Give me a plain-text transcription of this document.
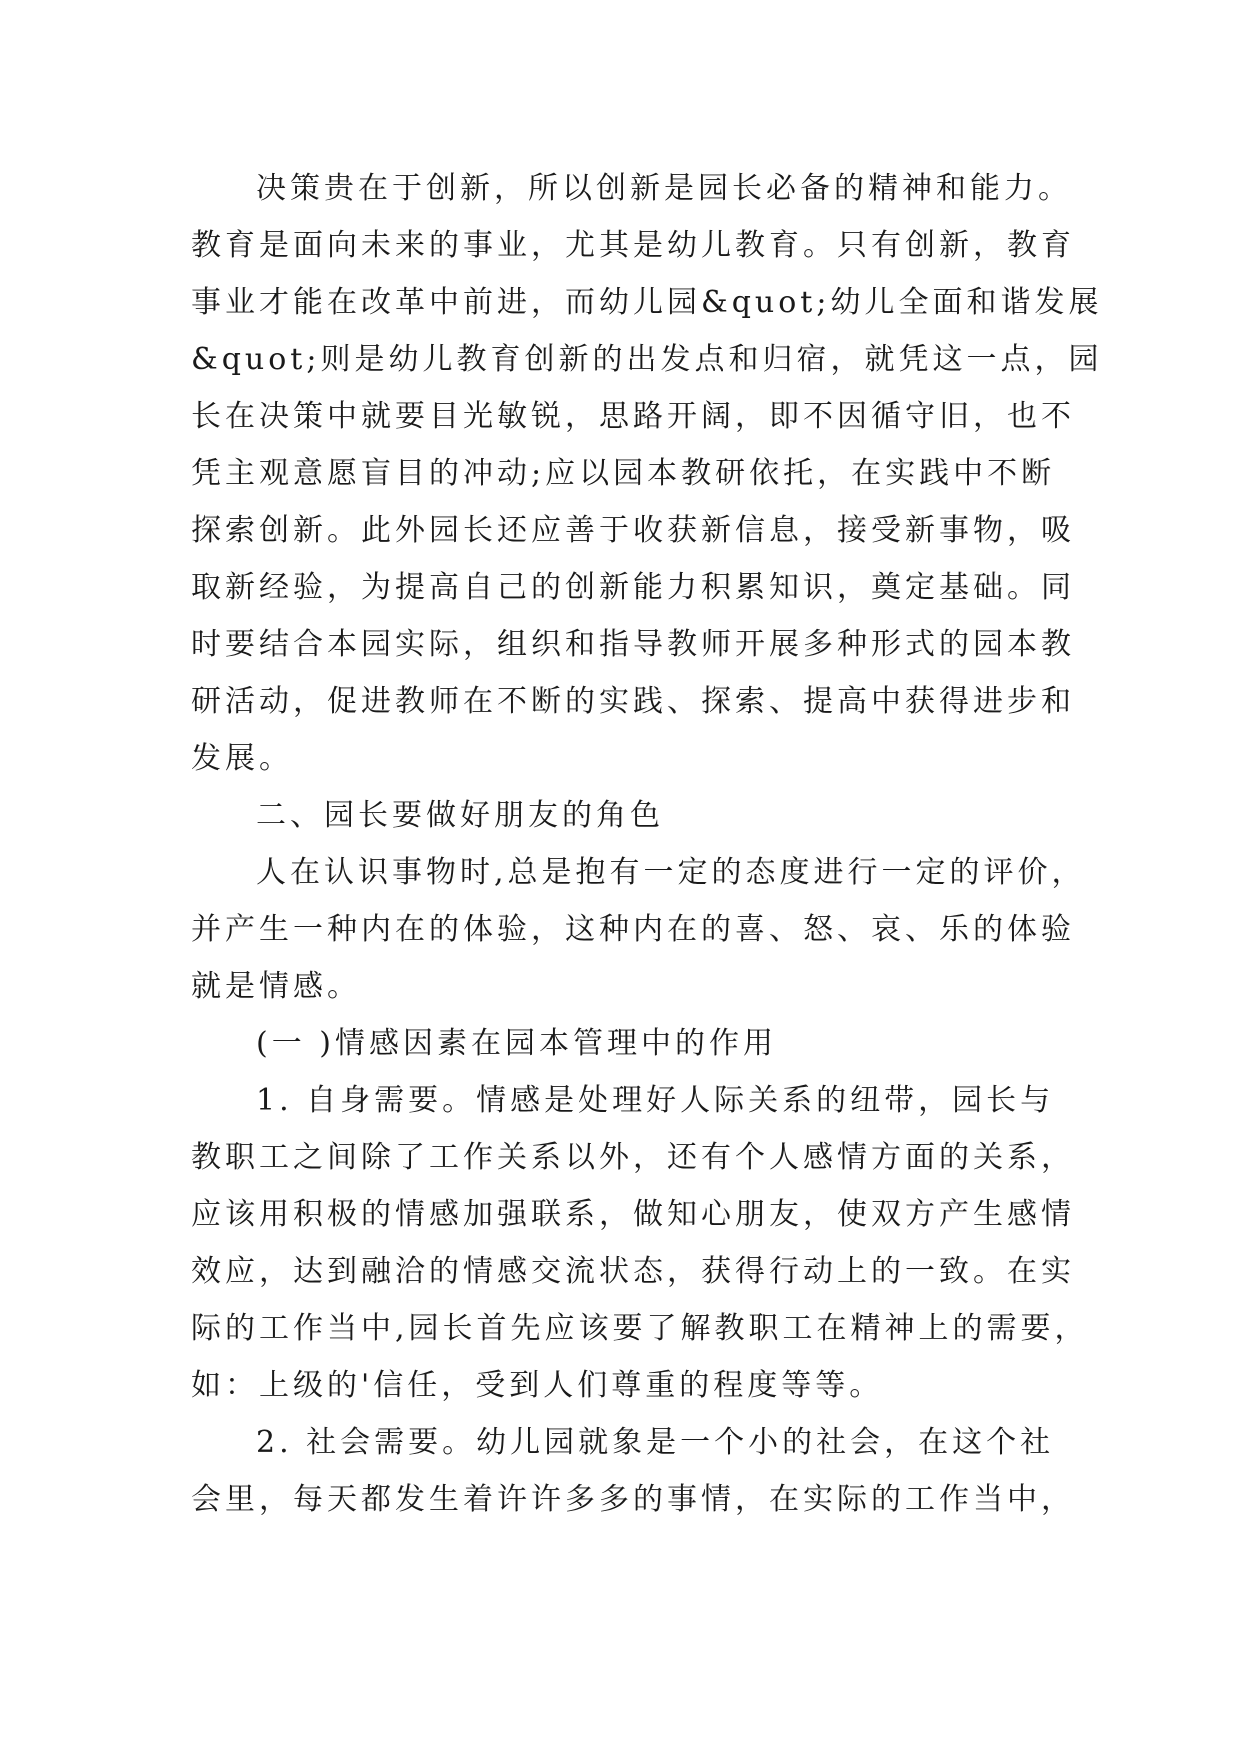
决策贵在于创新，所以创新是园长必备的精神和能力。

教育是面向未来的事业，尤其是幼儿教育。只有创新，教育

事业才能在改革中前进，而幼儿园&quot;幼儿全面和谐发展

&quot;则是幼儿教育创新的出发点和归宿，就凭这一点，园

长在决策中就要目光敏锐，思路开阔，即不因循守旧，也不

凭主观意愿盲目的冲动;应以园本教研依托，在实践中不断

探索创新。此外园长还应善于收获新信息，接受新事物，吸

取新经验，为提高自己的创新能力积累知识，奠定基础。同

时要结合本园实际，组织和指导教师开展多种形式的园本教

研活动，促进教师在不断的实践、探索、提高中获得进步和

发展。

二、园长要做好朋友的角色

人在认识事物时,总是抱有一定的态度进行一定的评价，

并产生一种内在的体验，这种内在的喜、怒、哀、乐的体验

就是情感。

(一 )情感因素在园本管理中的作用

1. 自身需要。情感是处理好人际关系的纽带，园长与

教职工之间除了工作关系以外，还有个人感情方面的关系，

应该用积极的情感加强联系，做知心朋友，使双方产生感情

效应，达到融洽的情感交流状态，获得行动上的一致。在实

际的工作当中,园长首先应该要了解教职工在精神上的需要，

如：上级的'信任，受到人们尊重的程度等等。

2. 社会需要。幼儿园就象是一个小的社会，在这个社

会里，每天都发生着许许多多的事情，在实际的工作当中，
